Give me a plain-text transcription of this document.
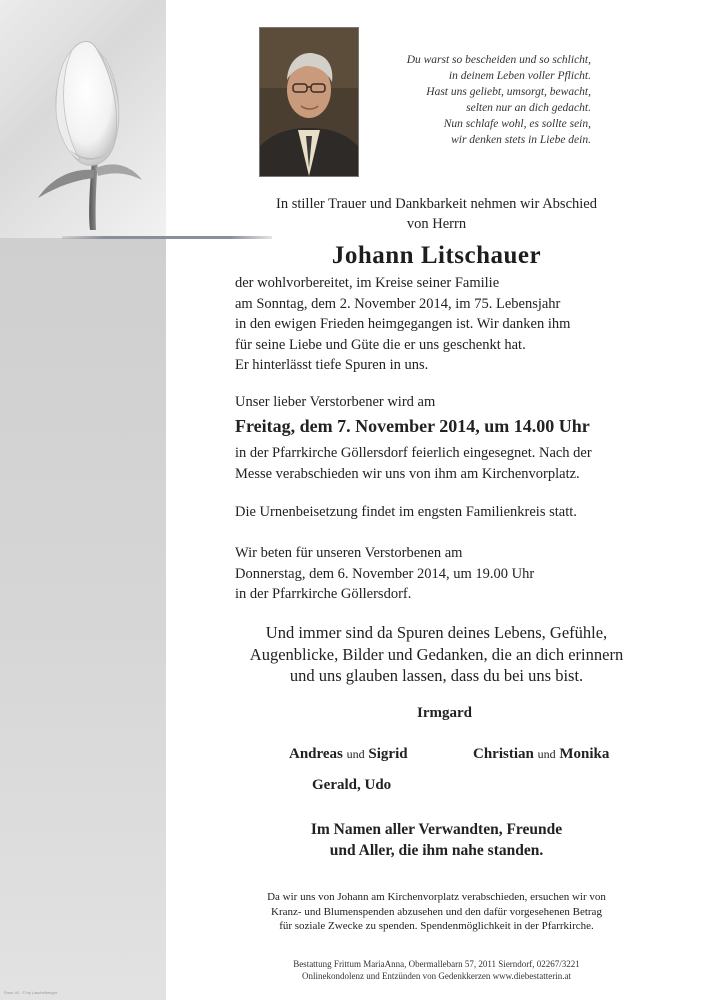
Du warst so bescheiden und so schlicht,
in deinem Leben voller Pflicht.
Hast uns geliebt, umsorgt, bewacht,
selten nur an dich gedacht.
Nun schlafe wohl, es sollte sein,
wir denken stets in Liebe dein.
In stiller Trauer und Dankbarkeit nehmen wir Abschied
von Herrn
Johann Litschauer
der wohlvorbereitet, im Kreise seiner Familie
am Sonntag, dem 2. November 2014, im 75. Lebensjahr
in den ewigen Frieden heimgegangen ist. Wir danken ihm
für seine Liebe und Güte die er uns geschenkt hat.
Er hinterlässt tiefe Spuren in uns.
Unser lieber Verstorbener wird am
Freitag, dem 7. November 2014, um 14.00 Uhr
in der Pfarrkirche Göllersdorf feierlich eingesegnet. Nach der
Messe verabschieden wir uns von ihm am Kirchenvorplatz.
Die Urnenbeisetzung findet im engsten Familienkreis statt.
Wir beten für unseren Verstorbenen am
Donnerstag, dem 6. November 2014, um 19.00 Uhr
in der Pfarrkirche Göllersdorf.
Und immer sind da Spuren deines Lebens, Gefühle,
Augenblicke, Bilder und Gedanken, die an dich erinnern
und uns glauben lassen, dass du bei uns bist.
Irmgard
Andreas und Sigrid	Christian und Monika
Gerald, Udo
Im Namen aller Verwandten, Freunde
und Aller, die ihm nahe standen.
Da wir uns von Johann am Kirchenvorplatz verabschieden, ersuchen wir von
Kranz- und Blumenspenden abzusehen und den dafür vorgesehenen Betrag
für soziale Zwecke zu spenden. Spendenmöglichkeit in der Pfarrkirche.
Bestattung Frittum MariaAnna, Obermallebarn 57, 2011 Sierndorf, 02267/3221
Onlinekondolenz und Entzünden von Gedenkkerzen www.diebestatterin.at
Rose 40 - © by Laschelberger
